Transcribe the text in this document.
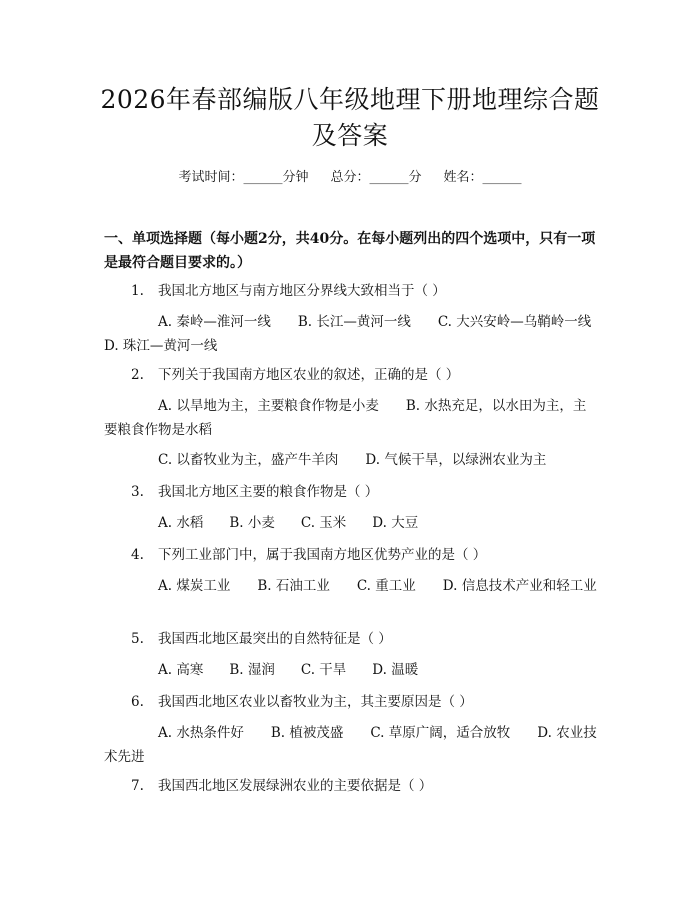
2026年春部编版八年级地理下册地理综合题及答案
考试时间：______分钟 总分：______分 姓名：______
一、单项选择题（每小题2分，共40分。在每小题列出的四个选项中，只有一项是最符合题目要求的。）
1. 我国北方地区与南方地区分界线大致相当于（ ）
A. 秦岭—淮河一线　　B. 长江—黄河一线　　C. 大兴安岭—乌鞘岭一线　　D. 珠江—黄河一线
2. 下列关于我国南方地区农业的叙述，正确的是（ ）
A. 以旱地为主，主要粮食作物是小麦　　B. 水热充足，以水田为主，主要粮食作物是水稻
C. 以畜牧业为主，盛产牛羊肉　　D. 气候干旱，以绿洲农业为主
3. 我国北方地区主要的粮食作物是（ ）
A. 水稻 B. 小麦 C. 玉米 D. 大豆
4. 下列工业部门中，属于我国南方地区优势产业的是（ ）
A. 煤炭工业　　B. 石油工业　　C. 重工业　　D. 信息技术产业和轻工业
5. 我国西北地区最突出的自然特征是（ ）
A. 高寒 B. 湿润 C. 干旱 D. 温暖
6. 我国西北地区农业以畜牧业为主，其主要原因是（ ）
A. 水热条件好　　B. 植被茂盛　　C. 草原广阔，适合放牧　　D. 农业技术先进
7. 我国西北地区发展绿洲农业的主要依据是（ ）
